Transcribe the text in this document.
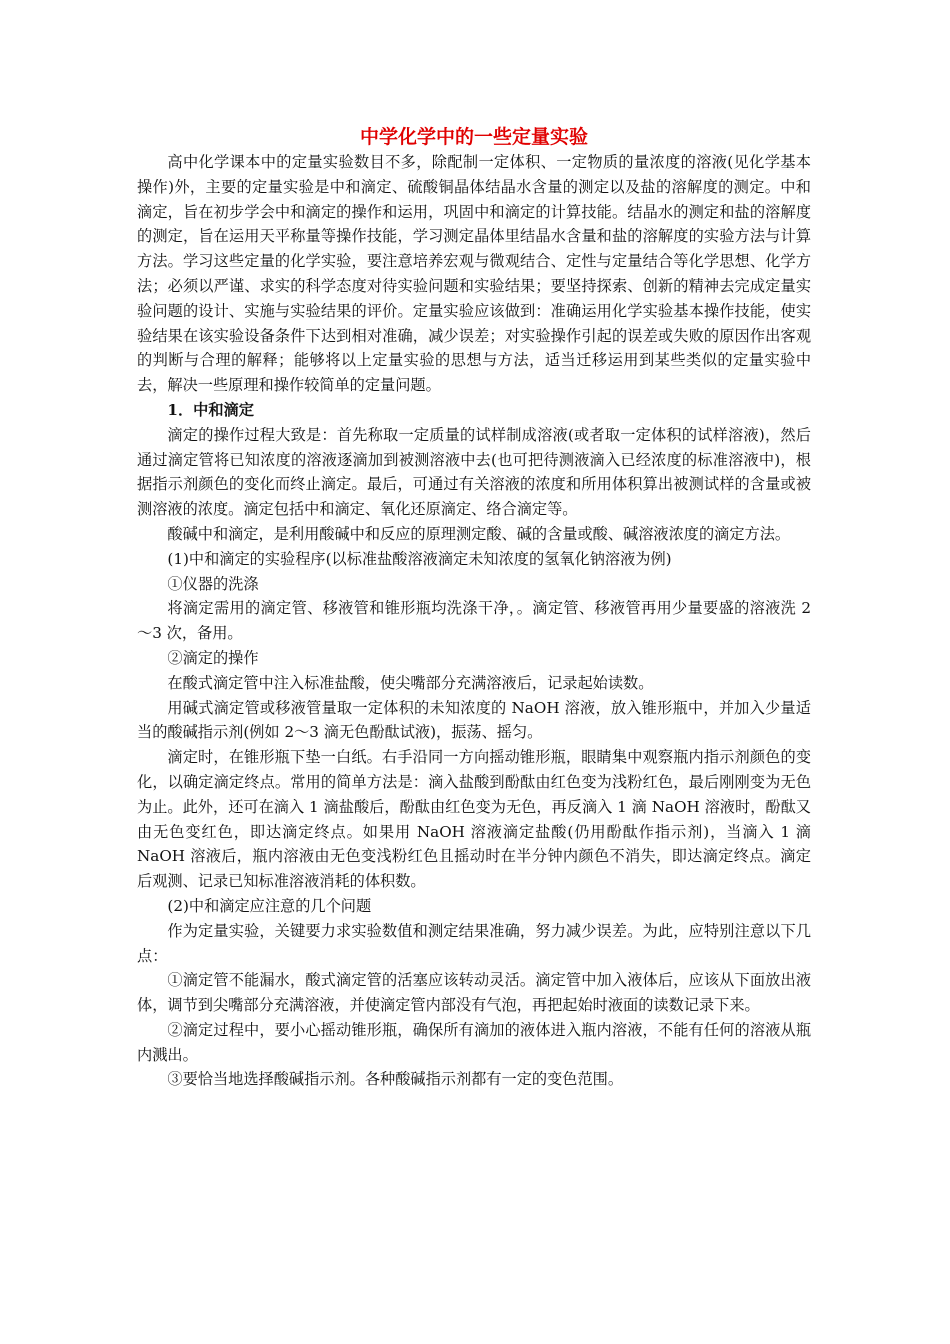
中学化学中的一些定量实验

高中化学课本中的定量实验数目不多，除配制一定体积、一定物质的量浓度的溶液(见化学基本操作)外，主要的定量实验是中和滴定、硫酸铜晶体结晶水含量的测定以及盐的溶解度的测定。中和滴定，旨在初步学会中和滴定的操作和运用，巩固中和滴定的计算技能。结晶水的测定和盐的溶解度的测定，旨在运用天平称量等操作技能，学习测定晶体里结晶水含量和盐的溶解度的实验方法与计算方法。学习这些定量的化学实验，要注意培养宏观与微观结合、定性与定量结合等化学思想、化学方法；必须以严谨、求实的科学态度对待实验问题和实验结果；要坚持探索、创新的精神去完成定量实验问题的设计、实施与实验结果的评价。定量实验应该做到：准确运用化学实验基本操作技能，使实验结果在该实验设备条件下达到相对准确，减少误差；对实验操作引起的误差或失败的原因作出客观的判断与合理的解释；能够将以上定量实验的思想与方法，适当迁移运用到某些类似的定量实验中去，解决一些原理和操作较简单的定量问题。

1．中和滴定

滴定的操作过程大致是：首先称取一定质量的试样制成溶液(或者取一定体积的试样溶液)，然后通过滴定管将已知浓度的溶液逐滴加到被测溶液中去(也可把待测液滴入已经浓度的标准溶液中)，根据指示剂颜色的变化而终止滴定。最后，可通过有关溶液的浓度和所用体积算出被测试样的含量或被测溶液的浓度。滴定包括中和滴定、氧化还原滴定、络合滴定等。

酸碱中和滴定，是利用酸碱中和反应的原理测定酸、碱的含量或酸、碱溶液浓度的滴定方法。

(1)中和滴定的实验程序(以标准盐酸溶液滴定未知浓度的氢氧化钠溶液为例)

①仪器的洗涤

将滴定需用的滴定管、移液管和锥形瓶均洗涤干净，。滴定管、移液管再用少量要盛的溶液洗 2～3 次，备用。

②滴定的操作

在酸式滴定管中注入标准盐酸，使尖嘴部分充满溶液后，记录起始读数。

用碱式滴定管或移液管量取一定体积的未知浓度的 NaOH 溶液，放入锥形瓶中，并加入少量适当的酸碱指示剂(例如 2～3 滴无色酚酞试液)，振荡、摇匀。

滴定时，在锥形瓶下垫一白纸。右手沿同一方向摇动锥形瓶，眼睛集中观察瓶内指示剂颜色的变化，以确定滴定终点。常用的简单方法是：滴入盐酸到酚酞由红色变为浅粉红色，最后刚刚变为无色为止。此外，还可在滴入 1 滴盐酸后，酚酞由红色变为无色，再反滴入 1 滴 NaOH 溶液时，酚酞又由无色变红色，即达滴定终点。如果用 NaOH 溶液滴定盐酸(仍用酚酞作指示剂)，当滴入 1 滴 NaOH 溶液后，瓶内溶液由无色变浅粉红色且摇动时在半分钟内颜色不消失，即达滴定终点。滴定后观测、记录已知标准溶液消耗的体积数。

(2)中和滴定应注意的几个问题

作为定量实验，关键要力求实验数值和测定结果准确，努力减少误差。为此，应特别注意以下几点：

①滴定管不能漏水，酸式滴定管的活塞应该转动灵活。滴定管中加入液体后，应该从下面放出液体，调节到尖嘴部分充满溶液，并使滴定管内部没有气泡，再把起始时液面的读数记录下来。

②滴定过程中，要小心摇动锥形瓶，确保所有滴加的液体进入瓶内溶液，不能有任何的溶液从瓶内溅出。

③要恰当地选择酸碱指示剂。各种酸碱指示剂都有一定的变色范围。
